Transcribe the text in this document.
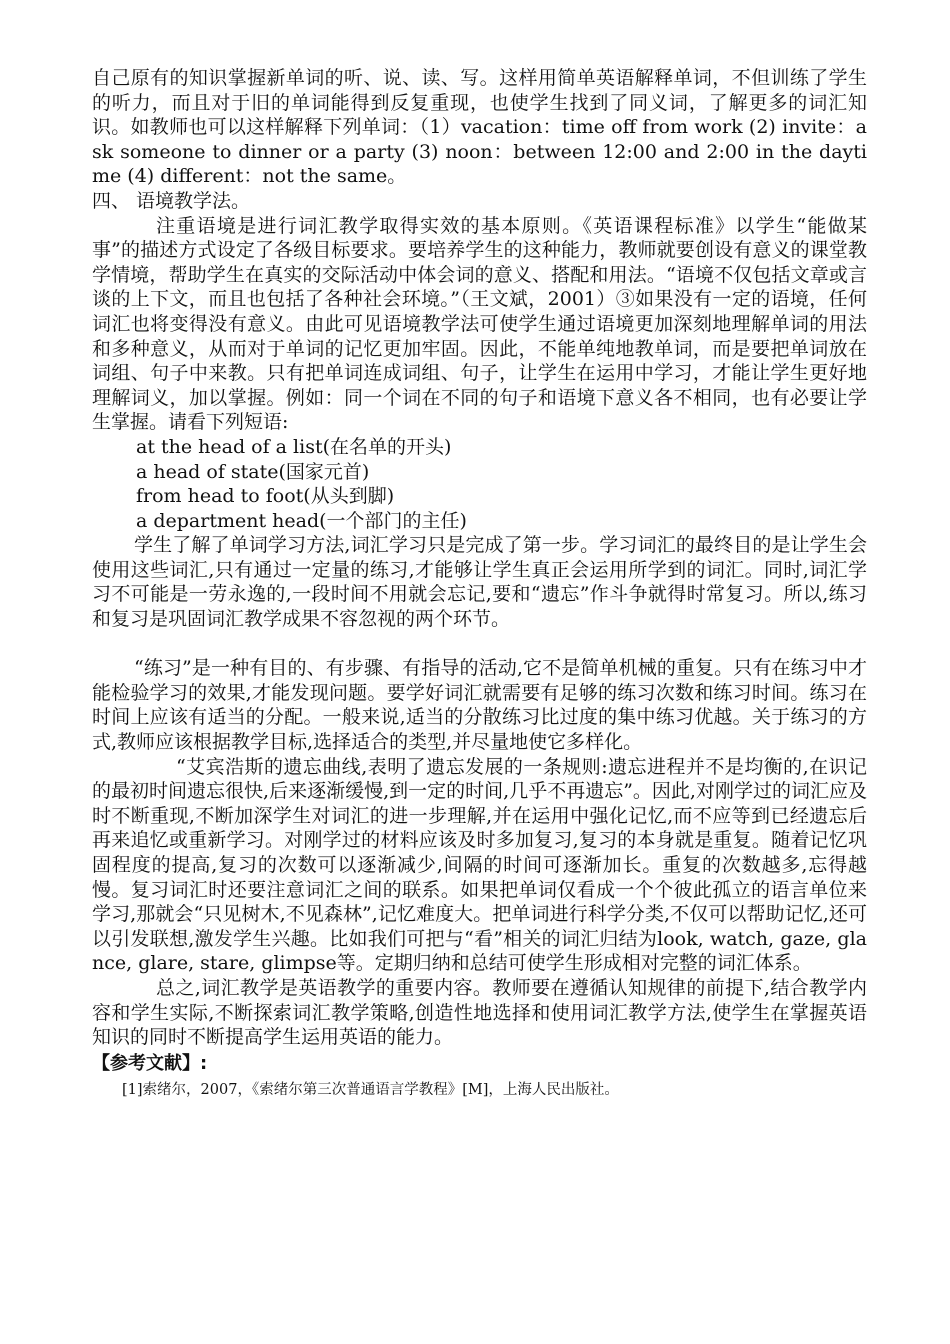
自己原有的知识掌握新单词的听、说、读、写。这样用简单英语解释单词，不但训练了学生的听力，而且对于旧的单词能得到反复重现，也使学生找到了同义词，了解更多的词汇知识。如教师也可以这样解释下列单词：（1）vacation：time off from work (2) invite：ask someone to dinner or a party (3) noon：between 12:00 and 2:00 in the daytime (4) different：not the same。

四、 语境教学法。

注重语境是进行词汇教学取得实效的基本原则。《英语课程标准》以学生“能做某事”的描述方式设定了各级目标要求。要培养学生的这种能力，教师就要创设有意义的课堂教学情境，帮助学生在真实的交际活动中体会词的意义、搭配和用法。“语境不仅包括文章或言谈的上下文，而且也包括了各种社会环境。”（王文斌，2001）③如果没有一定的语境，任何词汇也将变得没有意义。由此可见语境教学法可使学生通过语境更加深刻地理解单词的用法和多种意义，从而对于单词的记忆更加牢固。因此，不能单纯地教单词，而是要把单词放在词组、句子中来教。只有把单词连成词组、句子，让学生在运用中学习，才能让学生更好地理解词义，加以掌握。例如：同一个词在不同的句子和语境下意义各不相同，也有必要让学生掌握。请看下列短语:

at the head of a list(在名单的开头)

a head of state(国家元首)

from head to foot(从头到脚)

a department head(一个部门的主任)

学生了解了单词学习方法,词汇学习只是完成了第一步。学习词汇的最终目的是让学生会使用这些词汇,只有通过一定量的练习,才能够让学生真正会运用所学到的词汇。同时,词汇学习不可能是一劳永逸的,一段时间不用就会忘记,要和“遗忘”作斗争就得时常复习。所以,练习和复习是巩固词汇教学成果不容忽视的两个环节。

“练习”是一种有目的、有步骤、有指导的活动,它不是简单机械的重复。只有在练习中才能检验学习的效果,才能发现问题。要学好词汇就需要有足够的练习次数和练习时间。练习在时间上应该有适当的分配。一般来说,适当的分散练习比过度的集中练习优越。关于练习的方式,教师应该根据教学目标,选择适合的类型,并尽量地使它多样化。

“艾宾浩斯的遗忘曲线,表明了遗忘发展的一条规则:遗忘进程并不是均衡的,在识记的最初时间遗忘很快,后来逐渐缓慢,到一定的时间,几乎不再遗忘”。因此,对刚学过的词汇应及时不断重现,不断加深学生对词汇的进一步理解,并在运用中强化记忆,而不应等到已经遗忘后再来追忆或重新学习。对刚学过的材料应该及时多加复习,复习的本身就是重复。随着记忆巩固程度的提高,复习的次数可以逐渐减少,间隔的时间可逐渐加长。重复的次数越多,忘得越慢。复习词汇时还要注意词汇之间的联系。如果把单词仅看成一个个彼此孤立的语言单位来学习,那就会“只见树木,不见森林”,记忆难度大。把单词进行科学分类,不仅可以帮助记忆,还可以引发联想,激发学生兴趣。比如我们可把与“看”相关的词汇归结为look, watch, gaze, glance, glare, stare, glimpse等。定期归纳和总结可使学生形成相对完整的词汇体系。

总之,词汇教学是英语教学的重要内容。教师要在遵循认知规律的前提下,结合教学内容和学生实际,不断探索词汇教学策略,创造性地选择和使用词汇教学方法,使学生在掌握英语知识的同时不断提高学生运用英语的能力。

【参考文献】:
[1]索绪尔，2007，《索绪尔第三次普通语言学教程》[M]，上海人民出版社。
